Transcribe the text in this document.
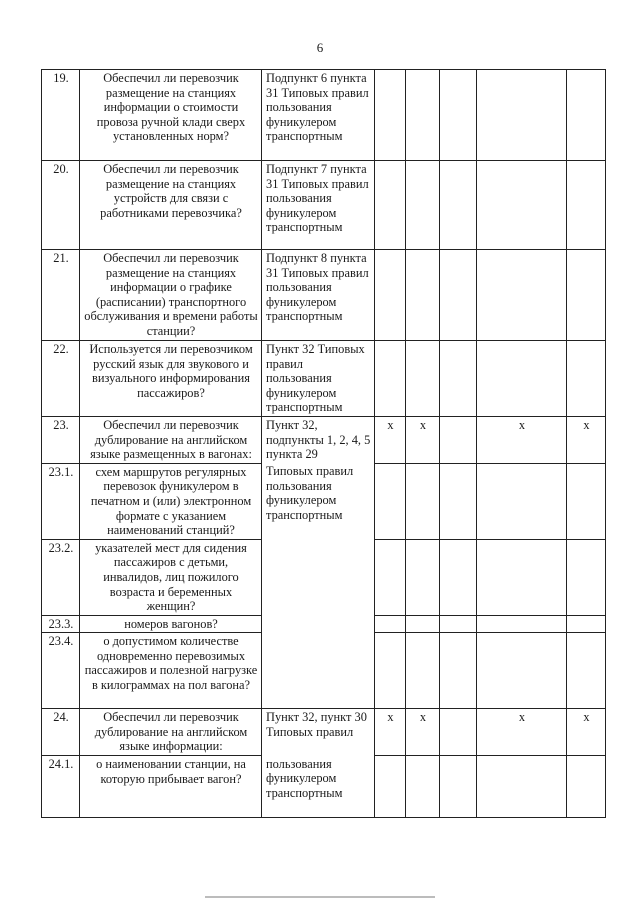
6
19.	Обеспечил ли перевозчик размещение на станциях информации о стоимости провоза ручной клади сверх установленных норм?	Подпункт 6 пункта 31 Типовых правил пользования фуникулером транспортным					
20.	Обеспечил ли перевозчик размещение на станциях устройств для связи с работниками перевозчика?	Подпункт 7 пункта 31 Типовых правил пользования фуникулером транспортным					
21.	Обеспечил ли перевозчик размещение на станциях информации о графике (расписании) транспортного обслуживания и времени работы станции?	Подпункт 8 пункта 31 Типовых правил пользования фуникулером транспортным					
22.	Используется ли перевозчиком русский язык для звукового и визуального информирования пассажиров?	Пункт 32 Типовых правил пользования фуникулером транспортным					
23.	Обеспечил ли перевозчик дублирование на английском языке размещенных в вагонах:	Пункт 32, подпункты 1, 2, 4, 5 пункта 29	x	x		x	x
23.1.	схем маршрутов регулярных перевозок фуникулером в печатном и (или) электронном формате с указанием наименований станций?	Типовых правил пользования фуникулером транспортным					
23.2.	указателей мест для сидения пассажиров с детьми, инвалидов, лиц пожилого возраста и беременных женщин?						
23.3.	номеров вагонов?						
23.4.	о допустимом количестве одновременно перевозимых пассажиров и полезной нагрузке в килограммах на пол вагона?						
24.	Обеспечил ли перевозчик дублирование на английском языке информации:	Пункт 32, пункт 30 Типовых правил	x	x		x	x
24.1.	о наименовании станции, на которую прибывает вагон?	пользования фуникулером транспортным					
